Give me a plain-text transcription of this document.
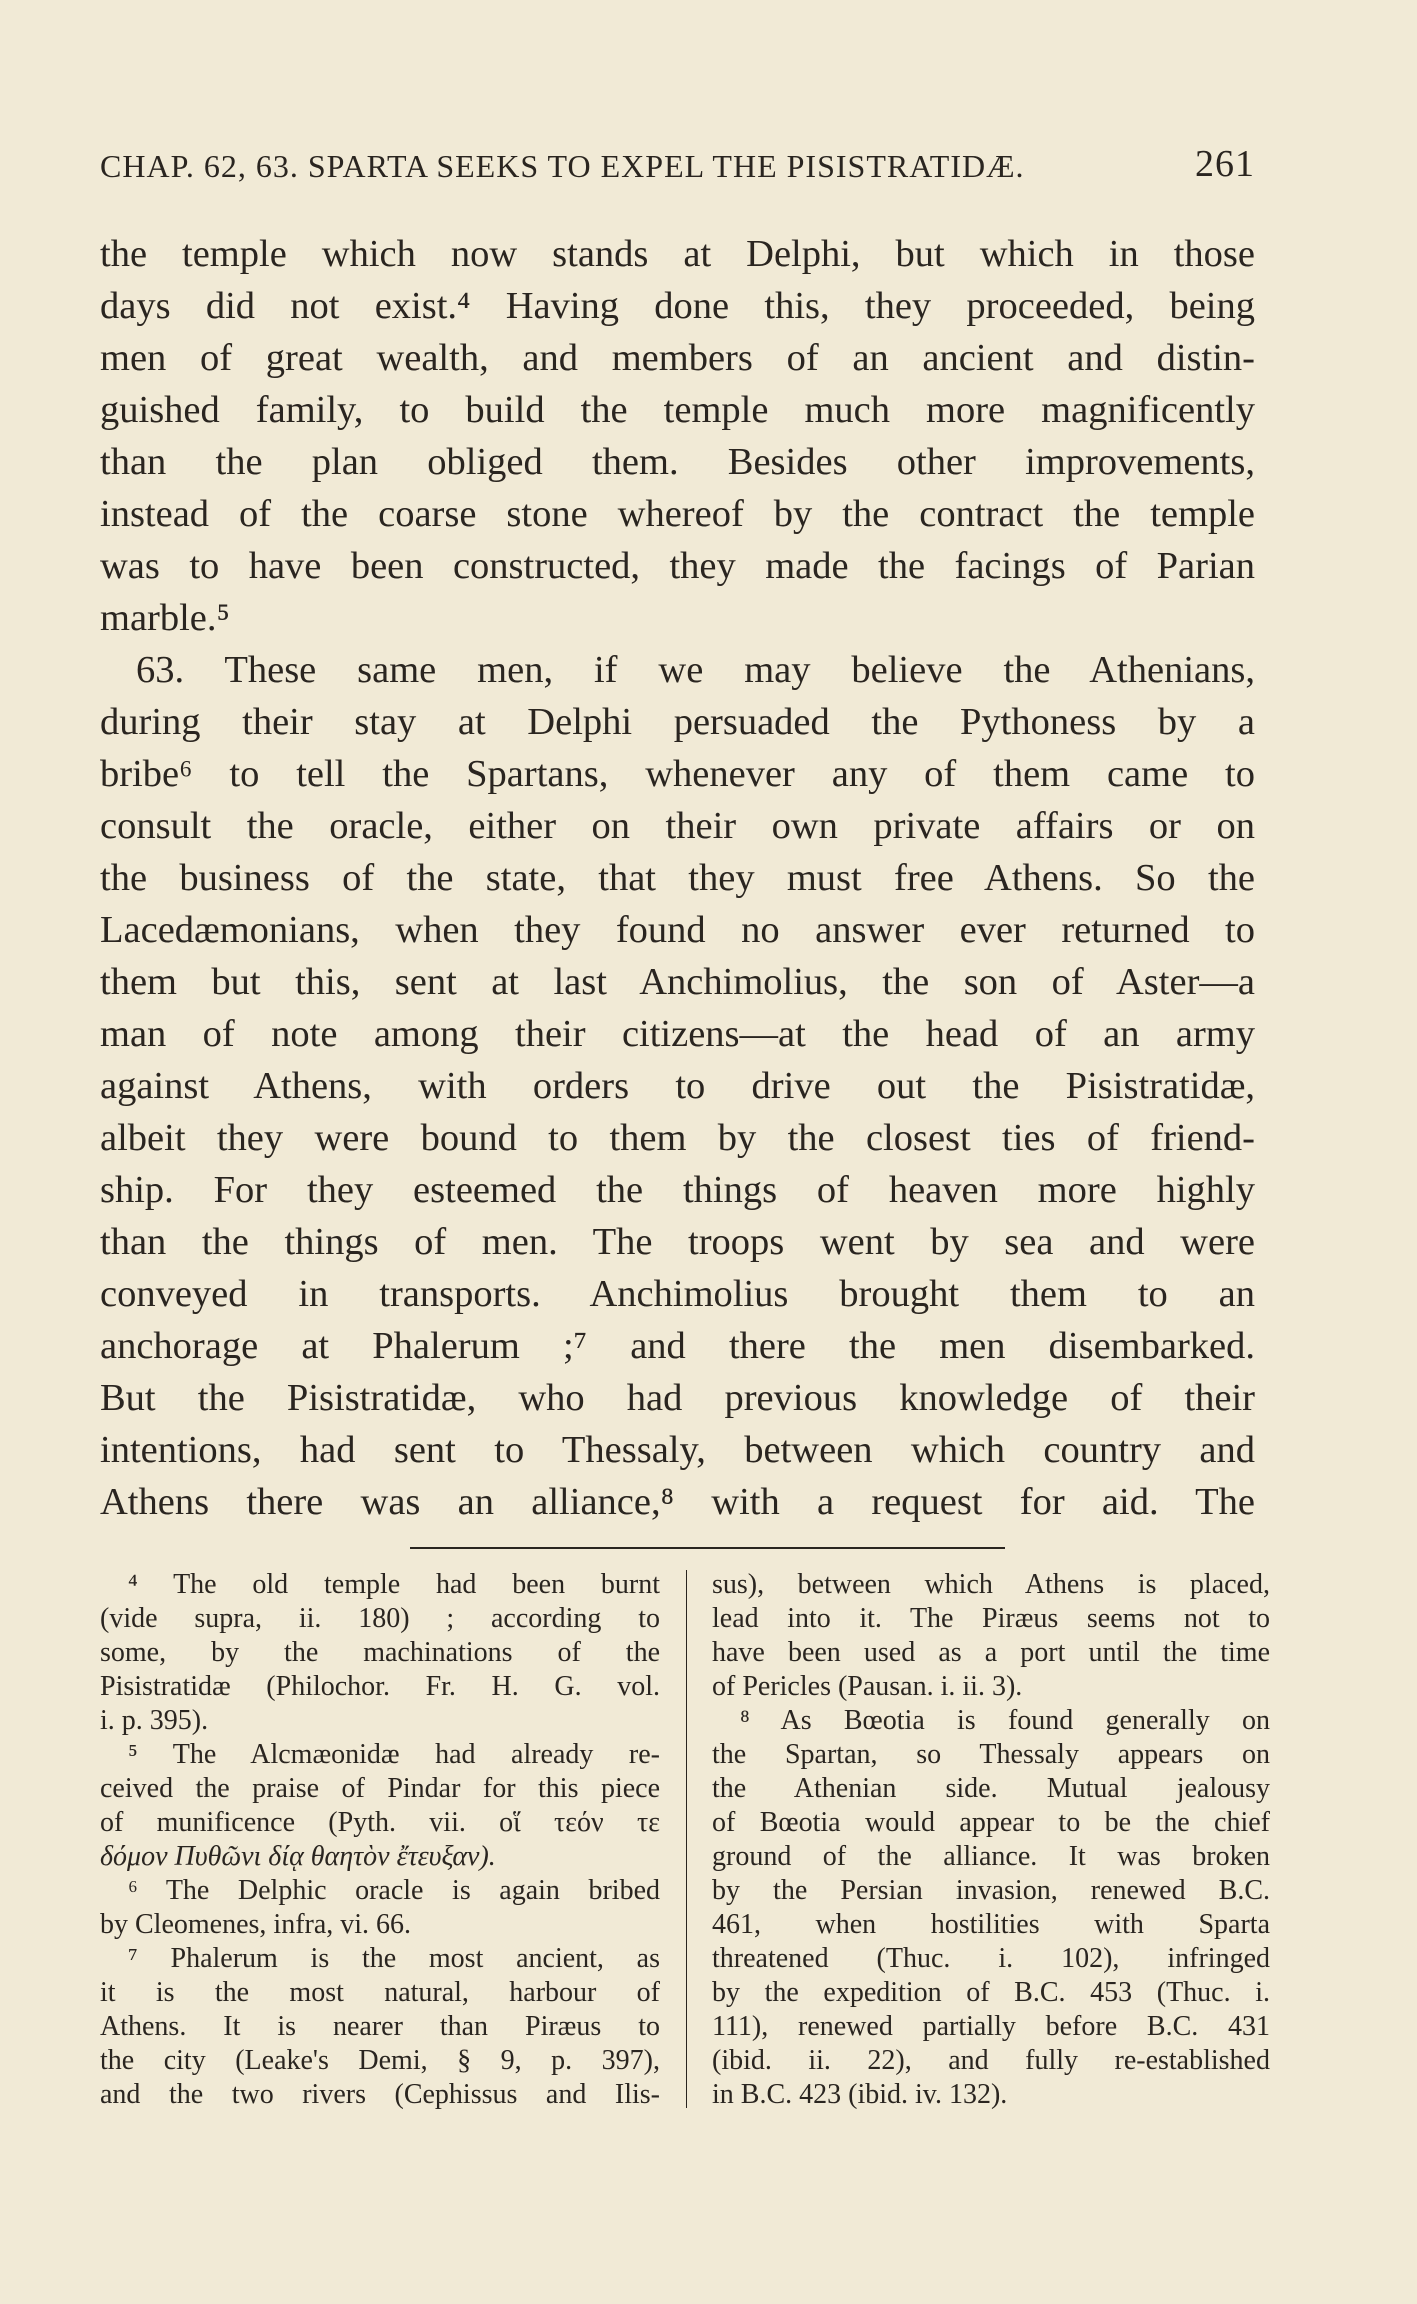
CHAP. 62, 63. SPARTA SEEKS TO EXPEL THE PISISTRATIDÆ.	261
the temple which now stands at Delphi, but which in those
days did not exist.⁴ Having done this, they proceeded, being
men of great wealth, and members of an ancient and distin-
guished family, to build the temple much more magnificently
than the plan obliged them. Besides other improvements,
instead of the coarse stone whereof by the contract the temple
was to have been constructed, they made the facings of Parian
marble.⁵
63. These same men, if we may believe the Athenians,
during their stay at Delphi persuaded the Pythoness by a
bribe⁶ to tell the Spartans, whenever any of them came to
consult the oracle, either on their own private affairs or on
the business of the state, that they must free Athens. So the
Lacedæmonians, when they found no answer ever returned to
them but this, sent at last Anchimolius, the son of Aster—a
man of note among their citizens—at the head of an army
against Athens, with orders to drive out the Pisistratidæ,
albeit they were bound to them by the closest ties of friend-
ship. For they esteemed the things of heaven more highly
than the things of men. The troops went by sea and were
conveyed in transports. Anchimolius brought them to an
anchorage at Phalerum ;⁷ and there the men disembarked.
But the Pisistratidæ, who had previous knowledge of their
intentions, had sent to Thessaly, between which country and
Athens there was an alliance,⁸ with a request for aid. The
⁴ The old temple had been burnt
(vide supra, ii. 180) ; according to
some, by the machinations of the
Pisistratidæ (Philochor. Fr. H. G. vol.
i. p. 395).
⁵ The Alcmæonidæ had already re-
ceived the praise of Pindar for this piece
of munificence (Pyth. vii. οἵ τεόν τε
δόμον Πυθῶνι δίᾳ θαητὸν ἔτευξαν).
⁶ The Delphic oracle is again bribed
by Cleomenes, infra, vi. 66.
⁷ Phalerum is the most ancient, as
it is the most natural, harbour of
Athens. It is nearer than Piræus to
the city (Leake's Demi, § 9, p. 397),
and the two rivers (Cephissus and Ilis-
sus), between which Athens is placed,
lead into it. The Piræus seems not to
have been used as a port until the time
of Pericles (Pausan. i. ii. 3).
⁸ As Bœotia is found generally on
the Spartan, so Thessaly appears on
the Athenian side. Mutual jealousy
of Bœotia would appear to be the chief
ground of the alliance. It was broken
by the Persian invasion, renewed B.C.
461, when hostilities with Sparta
threatened (Thuc. i. 102), infringed
by the expedition of B.C. 453 (Thuc. i.
111), renewed partially before B.C. 431
(ibid. ii. 22), and fully re-established
in B.C. 423 (ibid. iv. 132).
